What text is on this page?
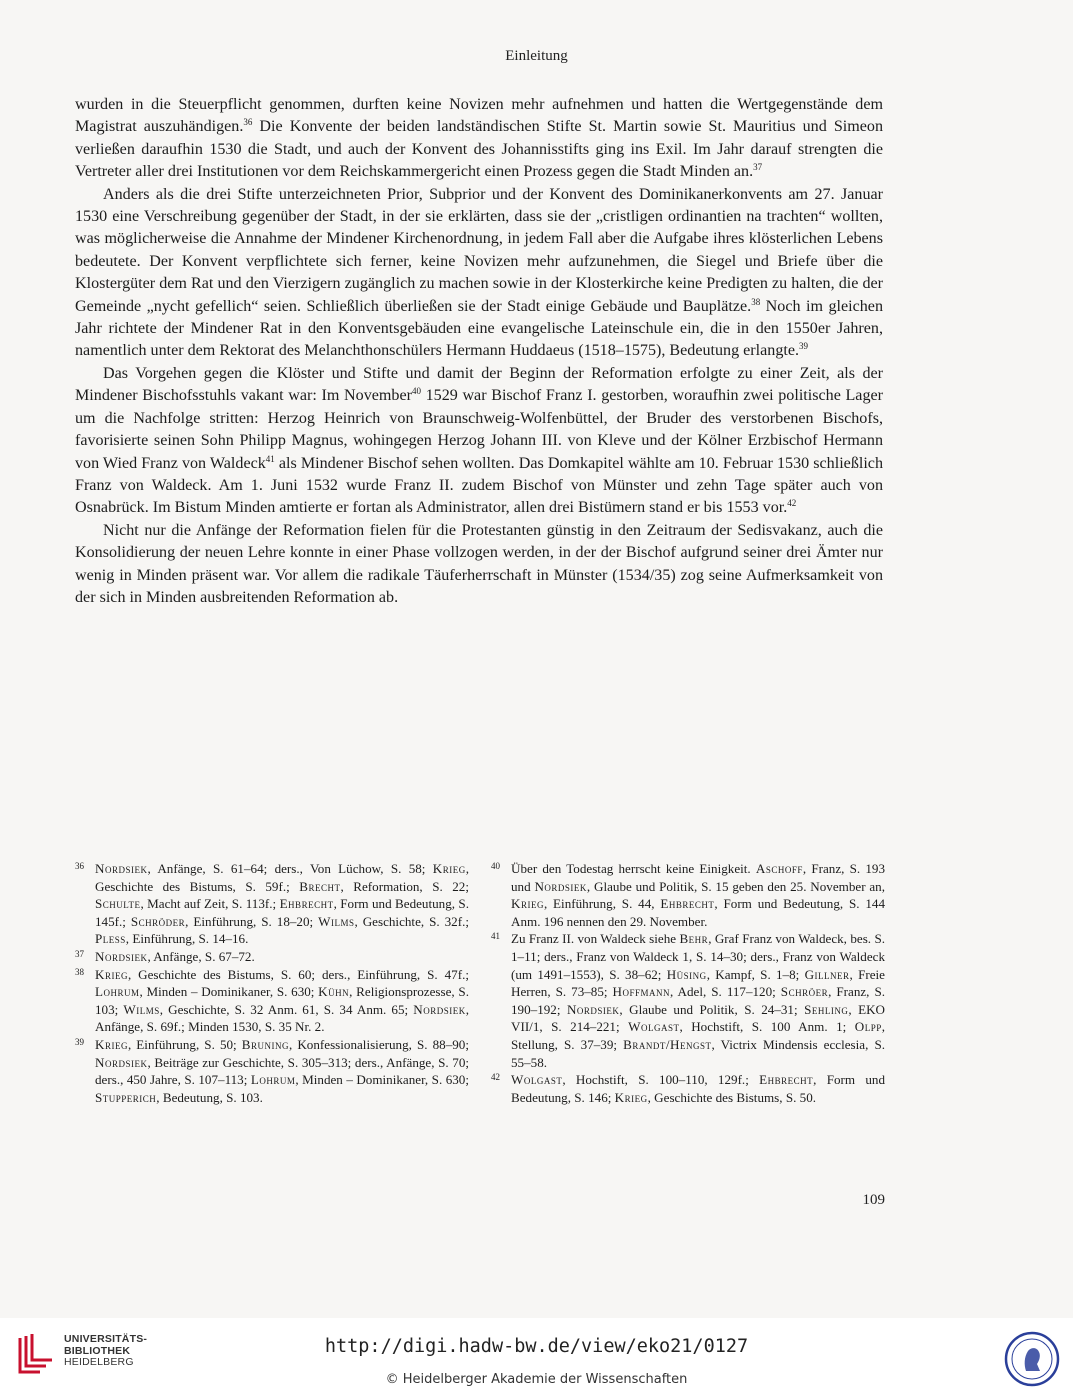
Einleitung

wurden in die Steuerpflicht genommen, durften keine Novizen mehr aufnehmen und hatten die Wertgegenstände dem Magistrat auszuhändigen.$^{36}$ Die Konvente der beiden landständischen Stifte St. Martin sowie St. Mauritius und Simeon verließen daraufhin 1530 die Stadt, und auch der Konvent des Johannisstifts ging ins Exil. Im Jahr darauf strengten die Vertreter aller drei Institutionen vor dem Reichskammergericht einen Prozess gegen die Stadt Minden an.$^{37}$

Anders als die drei Stifte unterzeichneten Prior, Subprior und der Konvent des Dominikanerkonvents am 27. Januar 1530 eine Verschreibung gegenüber der Stadt, in der sie erklärten, dass sie der „cristligen ordinantien na trachten“ wollten, was möglicherweise die Annahme der Mindener Kirchenordnung, in jedem Fall aber die Aufgabe ihres klösterlichen Lebens bedeutete. Der Konvent verpflichtete sich ferner, keine Novizen mehr aufzunehmen, die Siegel und Briefe über die Klostergüter dem Rat und den Vierzigern zugänglich zu machen sowie in der Klosterkirche keine Predigten zu halten, die der Gemeinde „nycht gefellich“ seien. Schließlich überließen sie der Stadt einige Gebäude und Bauplätze.$^{38}$ Noch im gleichen Jahr richtete der Mindener Rat in den Konventsgebäuden eine evangelische Lateinschule ein, die in den 1550er Jahren, namentlich unter dem Rektorat des Melanchthonschülers Hermann Huddaeus (1518–1575), Bedeutung erlangte.$^{39}$

Das Vorgehen gegen die Klöster und Stifte und damit der Beginn der Reformation erfolgte zu einer Zeit, als der Mindener Bischofsstuhls vakant war: Im November$^{40}$ 1529 war Bischof Franz I. gestorben, woraufhin zwei politische Lager um die Nachfolge stritten: Herzog Heinrich von Braunschweig-Wolfenbüttel, der Bruder des verstorbenen Bischofs, favorisierte seinen Sohn Philipp Magnus, wohingegen Herzog Johann III. von Kleve und der Kölner Erzbischof Hermann von Wied Franz von Waldeck$^{41}$ als Mindener Bischof sehen wollten. Das Domkapitel wählte am 10. Februar 1530 schließlich Franz von Waldeck. Am 1. Juni 1532 wurde Franz II. zudem Bischof von Münster und zehn Tage später auch von Osnabrück. Im Bistum Minden amtierte er fortan als Administrator, allen drei Bistümern stand er bis 1553 vor.$^{42}$

Nicht nur die Anfänge der Reformation fielen für die Protestanten günstig in den Zeitraum der Sedisvakanz, auch die Konsolidierung der neuen Lehre konnte in einer Phase vollzogen werden, in der der Bischof aufgrund seiner drei Ämter nur wenig in Minden präsent war. Vor allem die radikale Täuferherrschaft in Münster (1534/35) zog seine Aufmerksamkeit von der sich in Minden ausbreitenden Reformation ab.

36 Nordsiek, Anfänge, S. 61–64; ders., Von Lüchow, S. 58; Krieg, Geschichte des Bistums, S. 59f.; Brecht, Reformation, S. 22; Schulte, Macht auf Zeit, S. 113f.; Ehbrecht, Form und Bedeutung, S. 145f.; Schröder, Einführung, S. 18–20; Wilms, Geschichte, S. 32f.; Pless, Einführung, S. 14–16.
37 Nordsiek, Anfänge, S. 67–72.
38 Krieg, Geschichte des Bistums, S. 60; ders., Einführung, S. 47f.; Lohrum, Minden – Dominikaner, S. 630; Kühn, Religionsprozesse, S. 103; Wilms, Geschichte, S. 32 Anm. 61, S. 34 Anm. 65; Nordsiek, Anfänge, S. 69f.; Minden 1530, S. 35 Nr. 2.
39 Krieg, Einführung, S. 50; Bruning, Konfessionalisierung, S. 88–90; Nordsiek, Beiträge zur Geschichte, S. 305–313; ders., Anfänge, S. 70; ders., 450 Jahre, S. 107–113; Lohrum, Minden – Dominikaner, S. 630; Stupperich, Bedeutung, S. 103.
40 Über den Todestag herrscht keine Einigkeit. Aschoff, Franz, S. 193 und Nordsiek, Glaube und Politik, S. 15 geben den 25. November an, Krieg, Einführung, S. 44, Ehbrecht, Form und Bedeutung, S. 144 Anm. 196 nennen den 29. November.
41 Zu Franz II. von Waldeck siehe Behr, Graf Franz von Waldeck, bes. S. 1–11; ders., Franz von Waldeck 1, S. 14–30; ders., Franz von Waldeck (um 1491–1553), S. 38–62; Hüsing, Kampf, S. 1–8; Gillner, Freie Herren, S. 73–85; Hoffmann, Adel, S. 117–120; Schröer, Franz, S. 190–192; Nordsiek, Glaube und Politik, S. 24–31; Sehling, EKO VII/1, S. 214–221; Wolgast, Hochstift, S. 100 Anm. 1; Olpp, Stellung, S. 37–39; Brandt/Hengst, Victrix Mindensis ecclesia, S. 55–58.
42 Wolgast, Hochstift, S. 100–110, 129f.; Ehbrecht, Form und Bedeutung, S. 146; Krieg, Geschichte des Bistums, S. 50.
109
UNIVERSITÄTS-
BIBLIOTHEK
HEIDELBERG
http://digi.hadw-bw.de/view/eko21/0127
© Heidelberger Akademie der Wissenschaften
